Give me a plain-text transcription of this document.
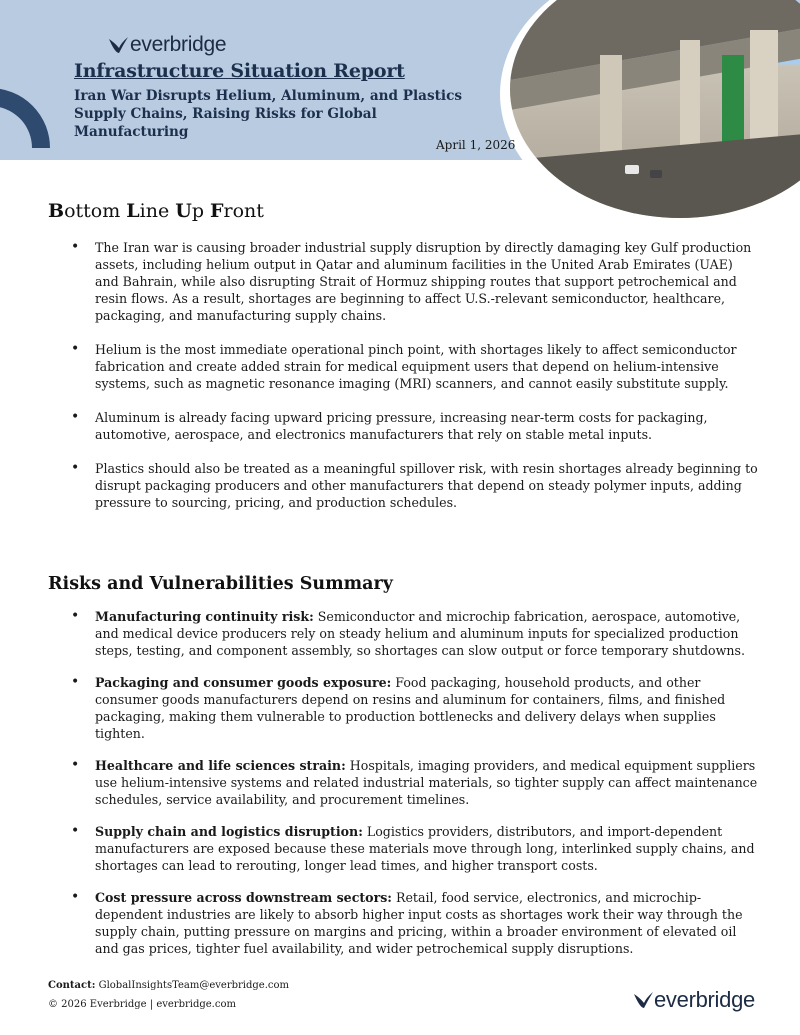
everbridge
Infrastructure Situation Report
Iran War Disrupts Helium, Aluminum, and Plastics Supply Chains, Raising Risks for Global Manufacturing
April 1, 2026
Bottom Line Up Front
• The Iran war is causing broader industrial supply disruption by directly damaging key Gulf production assets, including helium output in Qatar and aluminum facilities in the United Arab Emirates (UAE) and Bahrain, while also disrupting Strait of Hormuz shipping routes that support petrochemical and resin flows. As a result, shortages are beginning to affect U.S.-relevant semiconductor, healthcare, packaging, and manufacturing supply chains.
• Helium is the most immediate operational pinch point, with shortages likely to affect semiconductor fabrication and create added strain for medical equipment users that depend on helium-intensive systems, such as magnetic resonance imaging (MRI) scanners, and cannot easily substitute supply.
• Aluminum is already facing upward pricing pressure, increasing near-term costs for packaging, automotive, aerospace, and electronics manufacturers that rely on stable metal inputs.
• Plastics should also be treated as a meaningful spillover risk, with resin shortages already beginning to disrupt packaging producers and other manufacturers that depend on steady polymer inputs, adding pressure to sourcing, pricing, and production schedules.
Risks and Vulnerabilities Summary
• Manufacturing continuity risk: Semiconductor and microchip fabrication, aerospace, automotive, and medical device producers rely on steady helium and aluminum inputs for specialized production steps, testing, and component assembly, so shortages can slow output or force temporary shutdowns.
• Packaging and consumer goods exposure: Food packaging, household products, and other consumer goods manufacturers depend on resins and aluminum for containers, films, and finished packaging, making them vulnerable to production bottlenecks and delivery delays when supplies tighten.
• Healthcare and life sciences strain: Hospitals, imaging providers, and medical equipment suppliers use helium-intensive systems and related industrial materials, so tighter supply can affect maintenance schedules, service availability, and procurement timelines.
• Supply chain and logistics disruption: Logistics providers, distributors, and import-dependent manufacturers are exposed because these materials move through long, interlinked supply chains, and shortages can lead to rerouting, longer lead times, and higher transport costs.
• Cost pressure across downstream sectors: Retail, food service, electronics, and microchip-dependent industries are likely to absorb higher input costs as shortages work their way through the supply chain, putting pressure on margins and pricing, within a broader environment of elevated oil and gas prices, tighter fuel availability, and wider petrochemical supply disruptions.
Contact: GlobalInsightsTeam@everbridge.com
© 2026 Everbridge | everbridge.com	everbridge
